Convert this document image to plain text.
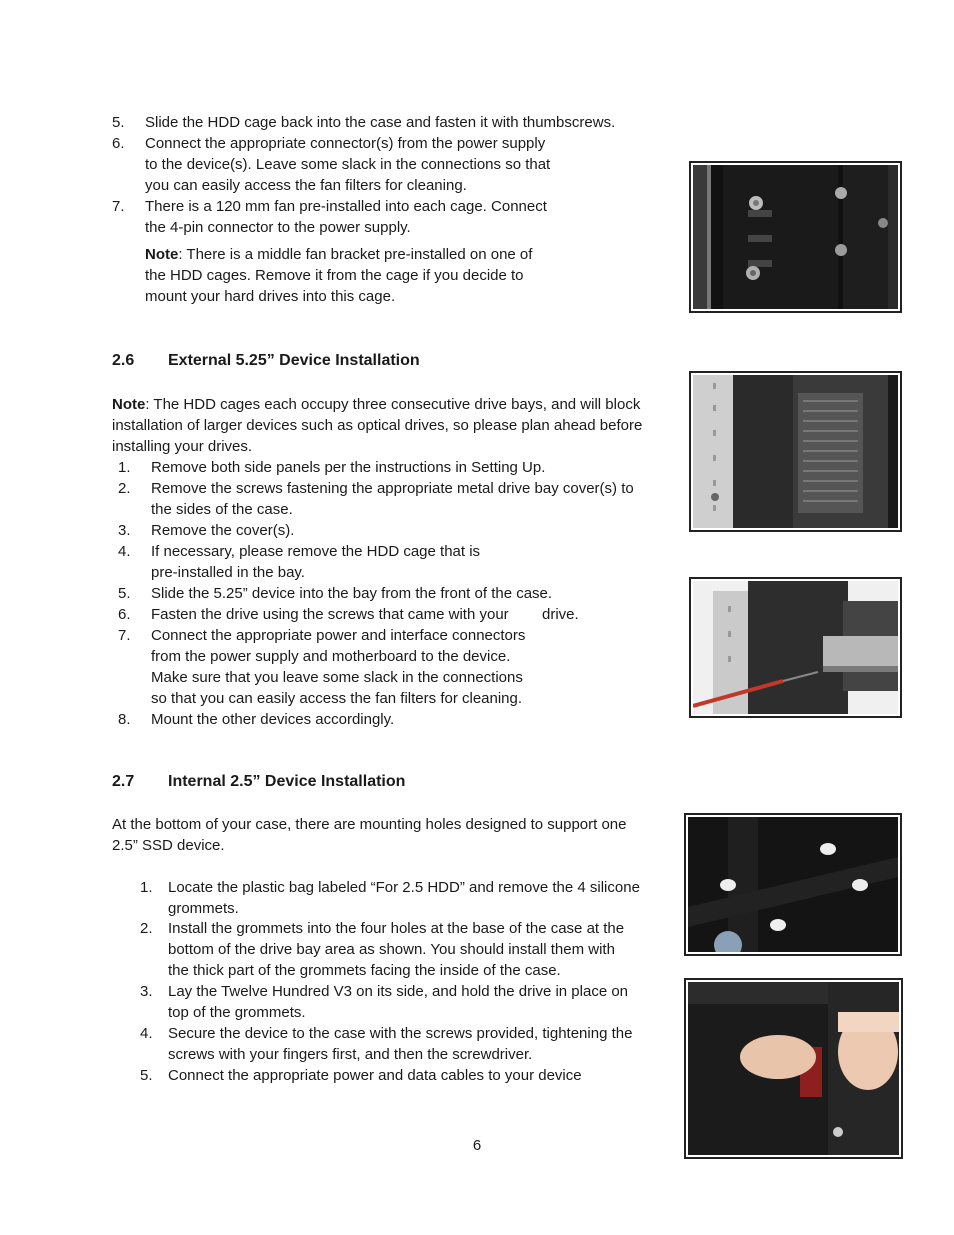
5. Slide the HDD cage back into the case and fasten it with thumbscrews.
6. Connect the appropriate connector(s) from the power supply
to the device(s). Leave some slack in the connections so that
you can easily access the fan filters for cleaning.
7. There is a 120 mm fan pre-installed into each cage. Connect
the 4-pin connector to the power supply.
Note: There is a middle fan bracket pre-installed on one of
the HDD cages. Remove it from the cage if you decide to
mount your hard drives into this cage.
2.6 External 5.25” Device Installation
Note: The HDD cages each occupy three consecutive drive bays, and will block
installation of larger devices such as optical drives, so please plan ahead before
installing your drives.
1. Remove both side panels per the instructions in Setting Up.
2. Remove the screws fastening the appropriate metal drive bay cover(s) to
the sides of the case.
3. Remove the cover(s).
4. If necessary, please remove the HDD cage that is
pre-installed in the bay.
5. Slide the 5.25” device into the bay from the front of the case.
6. Fasten the drive using the screws that came with your        drive.
7. Connect the appropriate power and interface connectors
from the power supply and motherboard to the device.
Make sure that you leave some slack in the connections
so that you can easily access the fan filters for cleaning.
8. Mount the other devices accordingly.
2.7 Internal 2.5” Device Installation
At the bottom of your case, there are mounting holes designed to support one
2.5” SSD device.
1. Locate the plastic bag labeled “For 2.5 HDD” and remove the 4 silicone
grommets.
2. Install the grommets into the four holes at the base of the case at the
bottom of the drive bay area as shown. You should install them with
the thick part of the grommets facing the inside of the case.
3. Lay the Twelve Hundred V3 on its side, and hold the drive in place on
top of the grommets.
4. Secure the device to the case with the screws provided, tightening the
screws with your fingers first, and then the screwdriver.
5. Connect the appropriate power and data cables to your device
6
